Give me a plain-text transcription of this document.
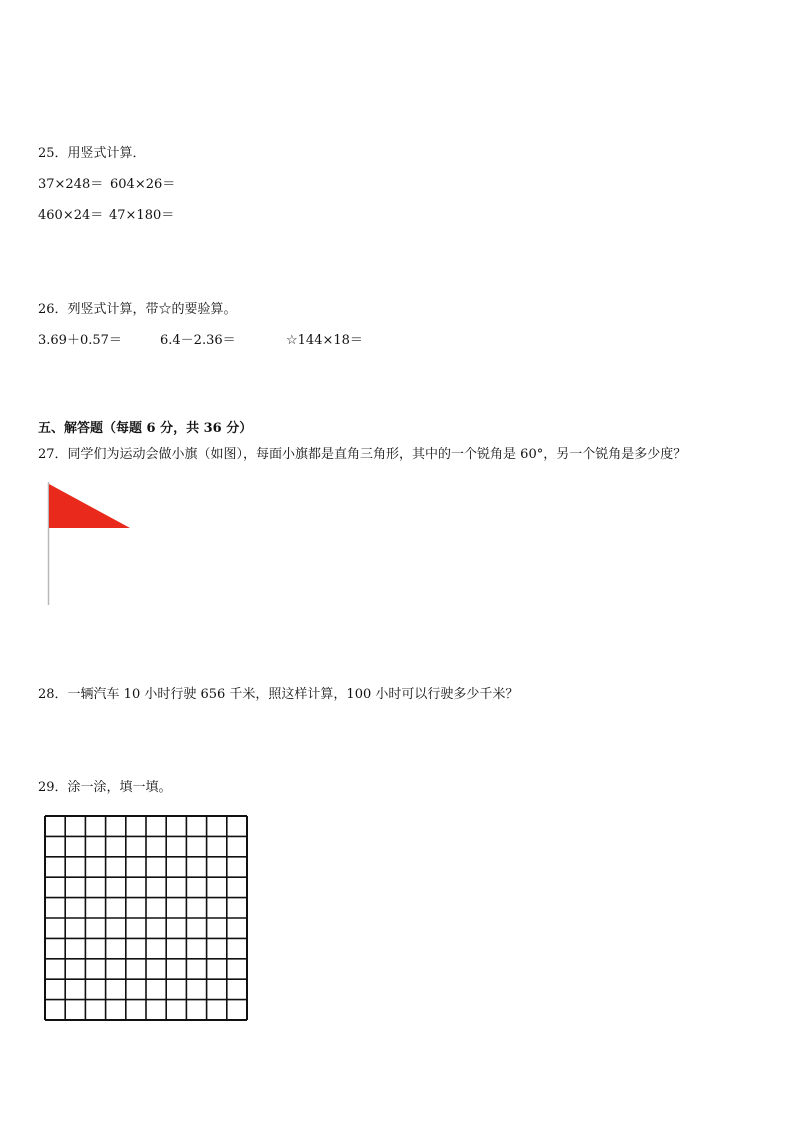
25．用竖式计算．
37×248＝ 604×26＝
460×24＝ 47×180＝
26．列竖式计算，带☆的要验算。
3.69＋0.57＝	6.4－2.36＝	☆144×18＝
五、解答题（每题 6 分，共 36 分）
27．同学们为运动会做小旗（如图），每面小旗都是直角三角形，其中的一个锐角是 60°，另一个锐角是多少度？
28．一辆汽车 10 小时行驶 656 千米，照这样计算，100 小时可以行驶多少千米？
29．涂一涂，填一填。
